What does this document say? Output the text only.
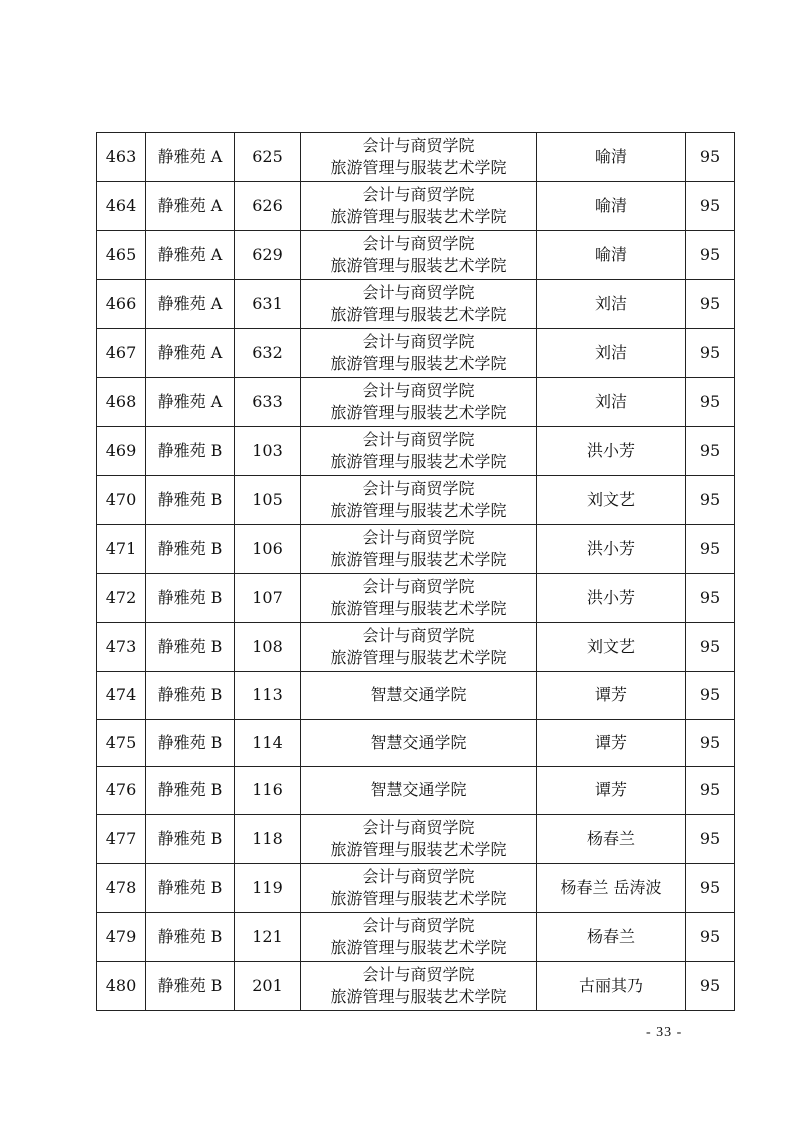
463	静雅苑 A	625	会计与商贸学院
旅游管理与服装艺术学院	喻清	95
464	静雅苑 A	626	会计与商贸学院
旅游管理与服装艺术学院	喻清	95
465	静雅苑 A	629	会计与商贸学院
旅游管理与服装艺术学院	喻清	95
466	静雅苑 A	631	会计与商贸学院
旅游管理与服装艺术学院	刘洁	95
467	静雅苑 A	632	会计与商贸学院
旅游管理与服装艺术学院	刘洁	95
468	静雅苑 A	633	会计与商贸学院
旅游管理与服装艺术学院	刘洁	95
469	静雅苑 B	103	会计与商贸学院
旅游管理与服装艺术学院	洪小芳	95
470	静雅苑 B	105	会计与商贸学院
旅游管理与服装艺术学院	刘文艺	95
471	静雅苑 B	106	会计与商贸学院
旅游管理与服装艺术学院	洪小芳	95
472	静雅苑 B	107	会计与商贸学院
旅游管理与服装艺术学院	洪小芳	95
473	静雅苑 B	108	会计与商贸学院
旅游管理与服装艺术学院	刘文艺	95
474	静雅苑 B	113	智慧交通学院	谭芳	95
475	静雅苑 B	114	智慧交通学院	谭芳	95
476	静雅苑 B	116	智慧交通学院	谭芳	95
477	静雅苑 B	118	会计与商贸学院
旅游管理与服装艺术学院	杨春兰	95
478	静雅苑 B	119	会计与商贸学院
旅游管理与服装艺术学院	杨春兰 岳涛波	95
479	静雅苑 B	121	会计与商贸学院
旅游管理与服装艺术学院	杨春兰	95
480	静雅苑 B	201	会计与商贸学院
旅游管理与服装艺术学院	古丽其乃	95
- 33 -
